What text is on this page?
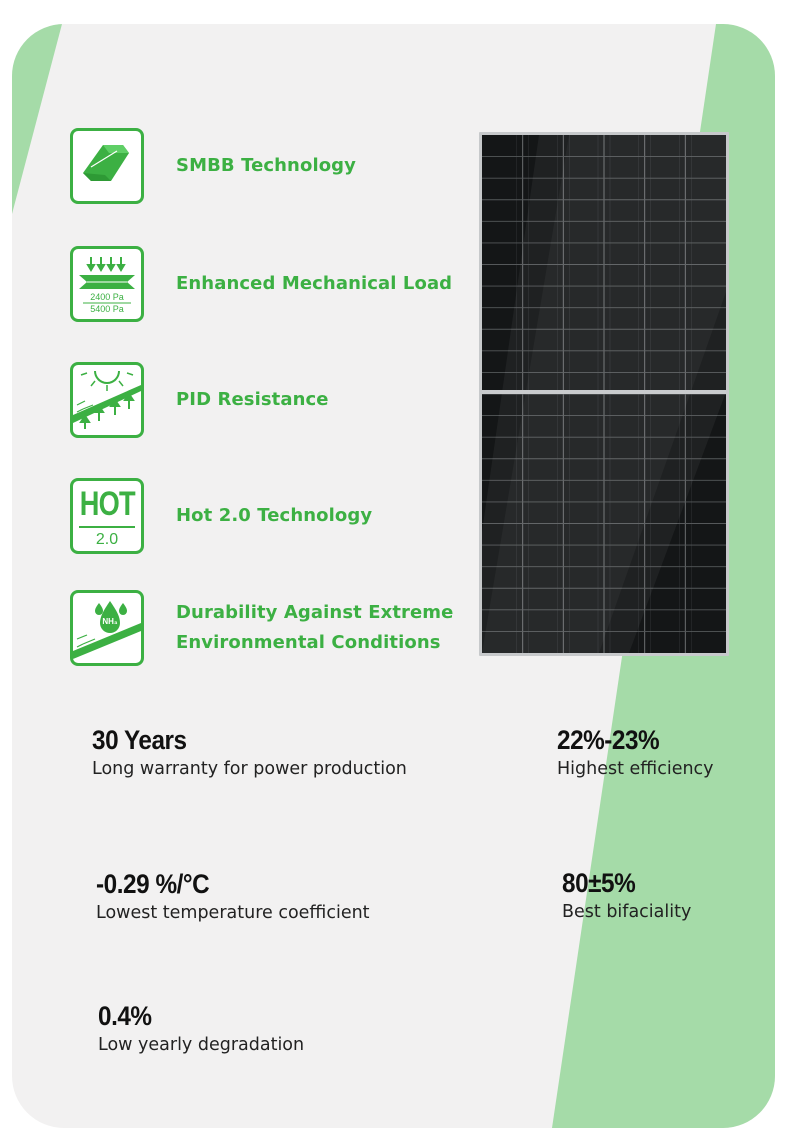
SMBB Technology
2400 Pa
5400 Pa
Enhanced Mechanical Load
PID Resistance
HOT
2.0
Hot 2.0 Technology
NH₃	Durability Against Extreme
Environmental Conditions
30 Years
Long warranty for power production
22%-23%
Highest efficiency
-0.29 %/°C
Lowest temperature coefficient
80±5%
Best bifaciality
0.4%
Low yearly degradation
